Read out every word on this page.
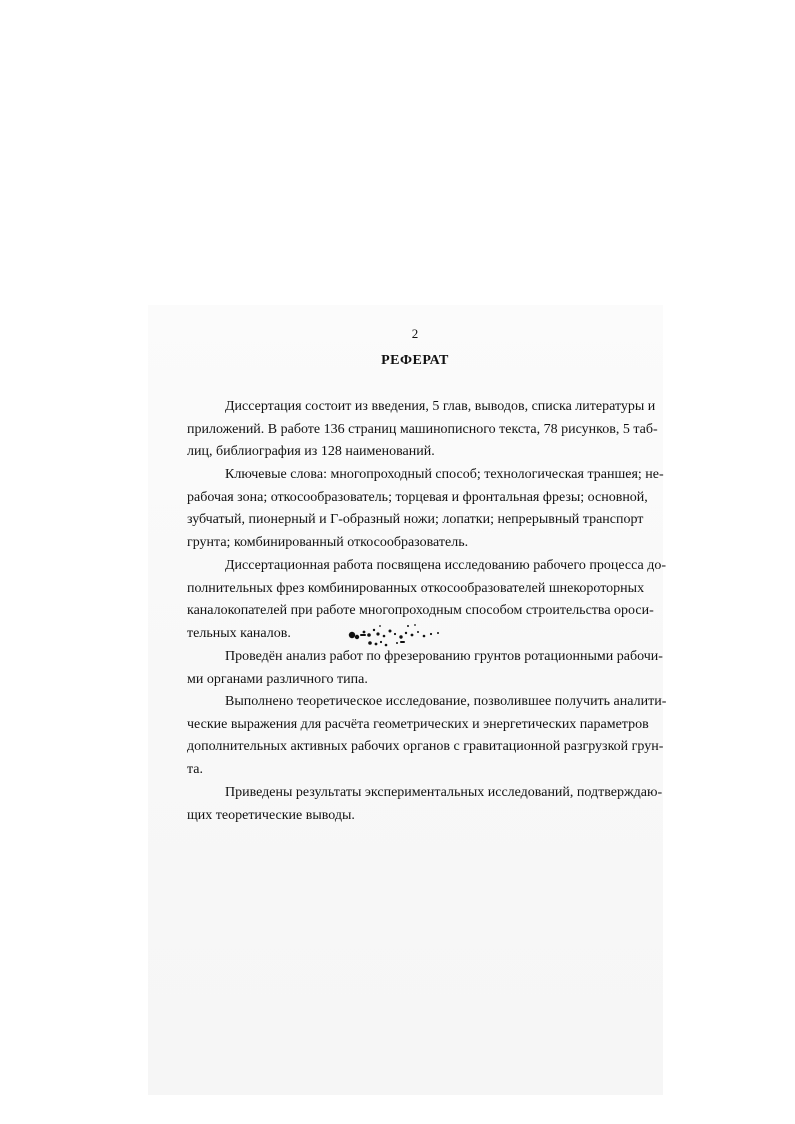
2
РЕФЕРАТ
Диссертация состоит из введения, 5 глав, выводов, списка литературы и
приложений. В работе 136 страниц машинописного текста, 78 рисунков, 5 таб-
лиц, библиография из 128 наименований.
Ключевые слова: многопроходный способ; технологическая траншея; не-
рабочая зона; откосообразователь; торцевая и фронтальная фрезы; основной,
зубчатый, пионерный и Г-образный ножи; лопатки; непрерывный транспорт
грунта; комбинированный откосообразователь.
Диссертационная работа посвящена исследованию рабочего процесса до-
полнительных фрез комбинированных откосообразователей шнекороторных
каналокопателей при работе многопроходным способом строительства ороси-
тельных каналов.
Проведён анализ работ по фрезерованию грунтов ротационными рабочи-
ми органами различного типа.
Выполнено теоретическое исследование, позволившее получить аналити-
ческие выражения для расчёта геометрических и энергетических параметров
дополнительных активных рабочих органов с гравитационной разгрузкой грун-
та.
Приведены результаты экспериментальных исследований, подтверждаю-
щих теоретические выводы.
